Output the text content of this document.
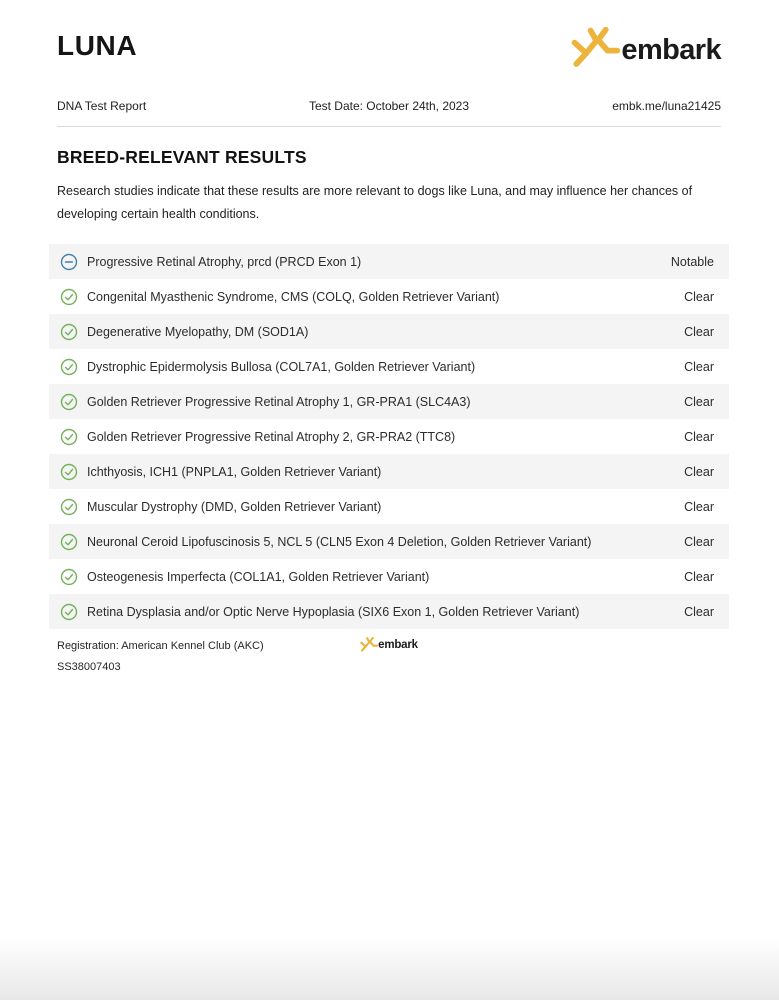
LUNA	embark
DNA Test Report	Test Date: October 24th, 2023	embk.me/luna21425
BREED-RELEVANT RESULTS

Research studies indicate that these results are more relevant to dogs like Luna, and may influence her chances of developing certain health conditions.

Progressive Retinal Atrophy, prcd (PRCD Exon 1)	Notable
Congenital Myasthenic Syndrome, CMS (COLQ, Golden Retriever Variant)	Clear
Degenerative Myelopathy, DM (SOD1A)	Clear
Dystrophic Epidermolysis Bullosa (COL7A1, Golden Retriever Variant)	Clear
Golden Retriever Progressive Retinal Atrophy 1, GR-PRA1 (SLC4A3)	Clear
Golden Retriever Progressive Retinal Atrophy 2, GR-PRA2 (TTC8)	Clear
Ichthyosis, ICH1 (PNPLA1, Golden Retriever Variant)	Clear
Muscular Dystrophy (DMD, Golden Retriever Variant)	Clear
Neuronal Ceroid Lipofuscinosis 5, NCL 5 (CLN5 Exon 4 Deletion, Golden Retriever Variant)	Clear
Osteogenesis Imperfecta (COL1A1, Golden Retriever Variant)	Clear
Retina Dysplasia and/or Optic Nerve Hypoplasia (SIX6 Exon 1, Golden Retriever Variant)	Clear

Registration: American Kennel Club (AKC)

SS38007403

embark
